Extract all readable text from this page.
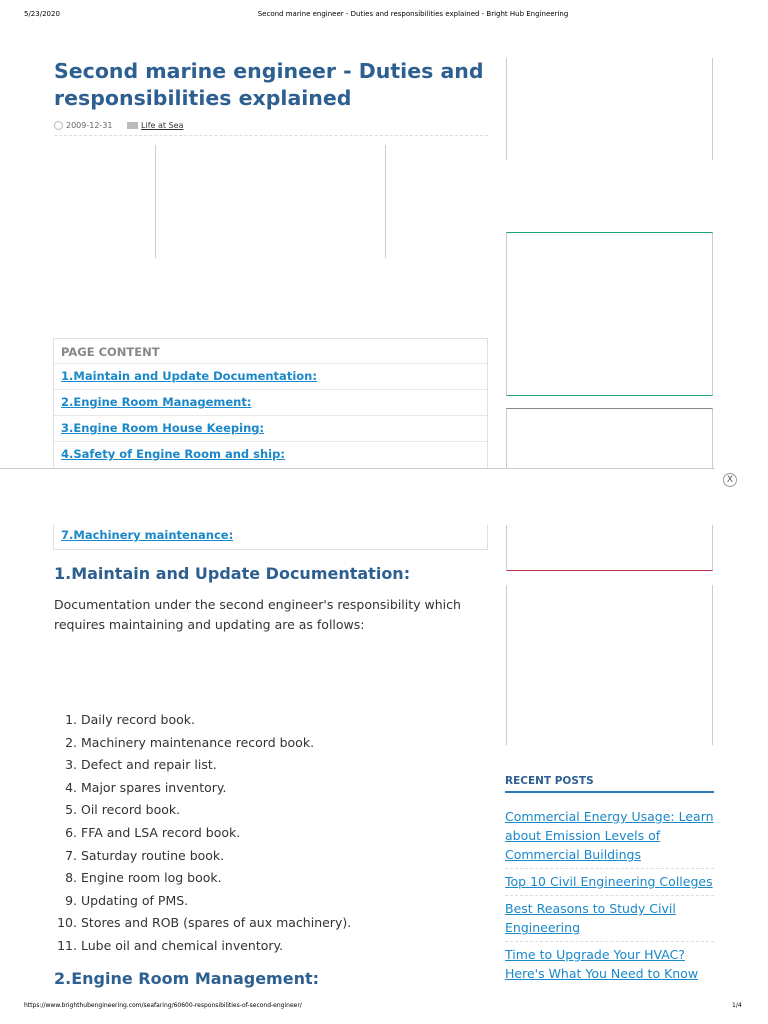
5/23/2020	Second marine engineer - Duties and responsibilities explained - Bright Hub Engineering
Second marine engineer - Duties and responsibilities explained
2009-12-31	Life at Sea
PAGE CONTENT
1.Maintain and Update Documentation:
2.Engine Room Management:
3.Engine Room House Keeping:
4.Safety of Engine Room and ship:
7.Machinery maintenance:
X
1.Maintain and Update Documentation:

Documentation under the second engineer's responsibility which requires maintaining and updating are as follows:

1. Daily record book.
2. Machinery maintenance record book.
3. Defect and repair list.
4. Major spares inventory.
5. Oil record book.
6. FFA and LSA record book.
7. Saturday routine book.
8. Engine room log book.
9. Updating of PMS.
10. Stores and ROB (spares of aux machinery).
11. Lube oil and chemical inventory.
2.Engine Room Management:
RECENT POSTS
Commercial Energy Usage: Learn about Emission Levels of Commercial Buildings
Top 10 Civil Engineering Colleges
Best Reasons to Study Civil Engineering
Time to Upgrade Your HVAC? Here's What You Need to Know
https://www.brighthubengineering.com/seafaring/60600-responsibilities-of-second-engineer/	1/4
